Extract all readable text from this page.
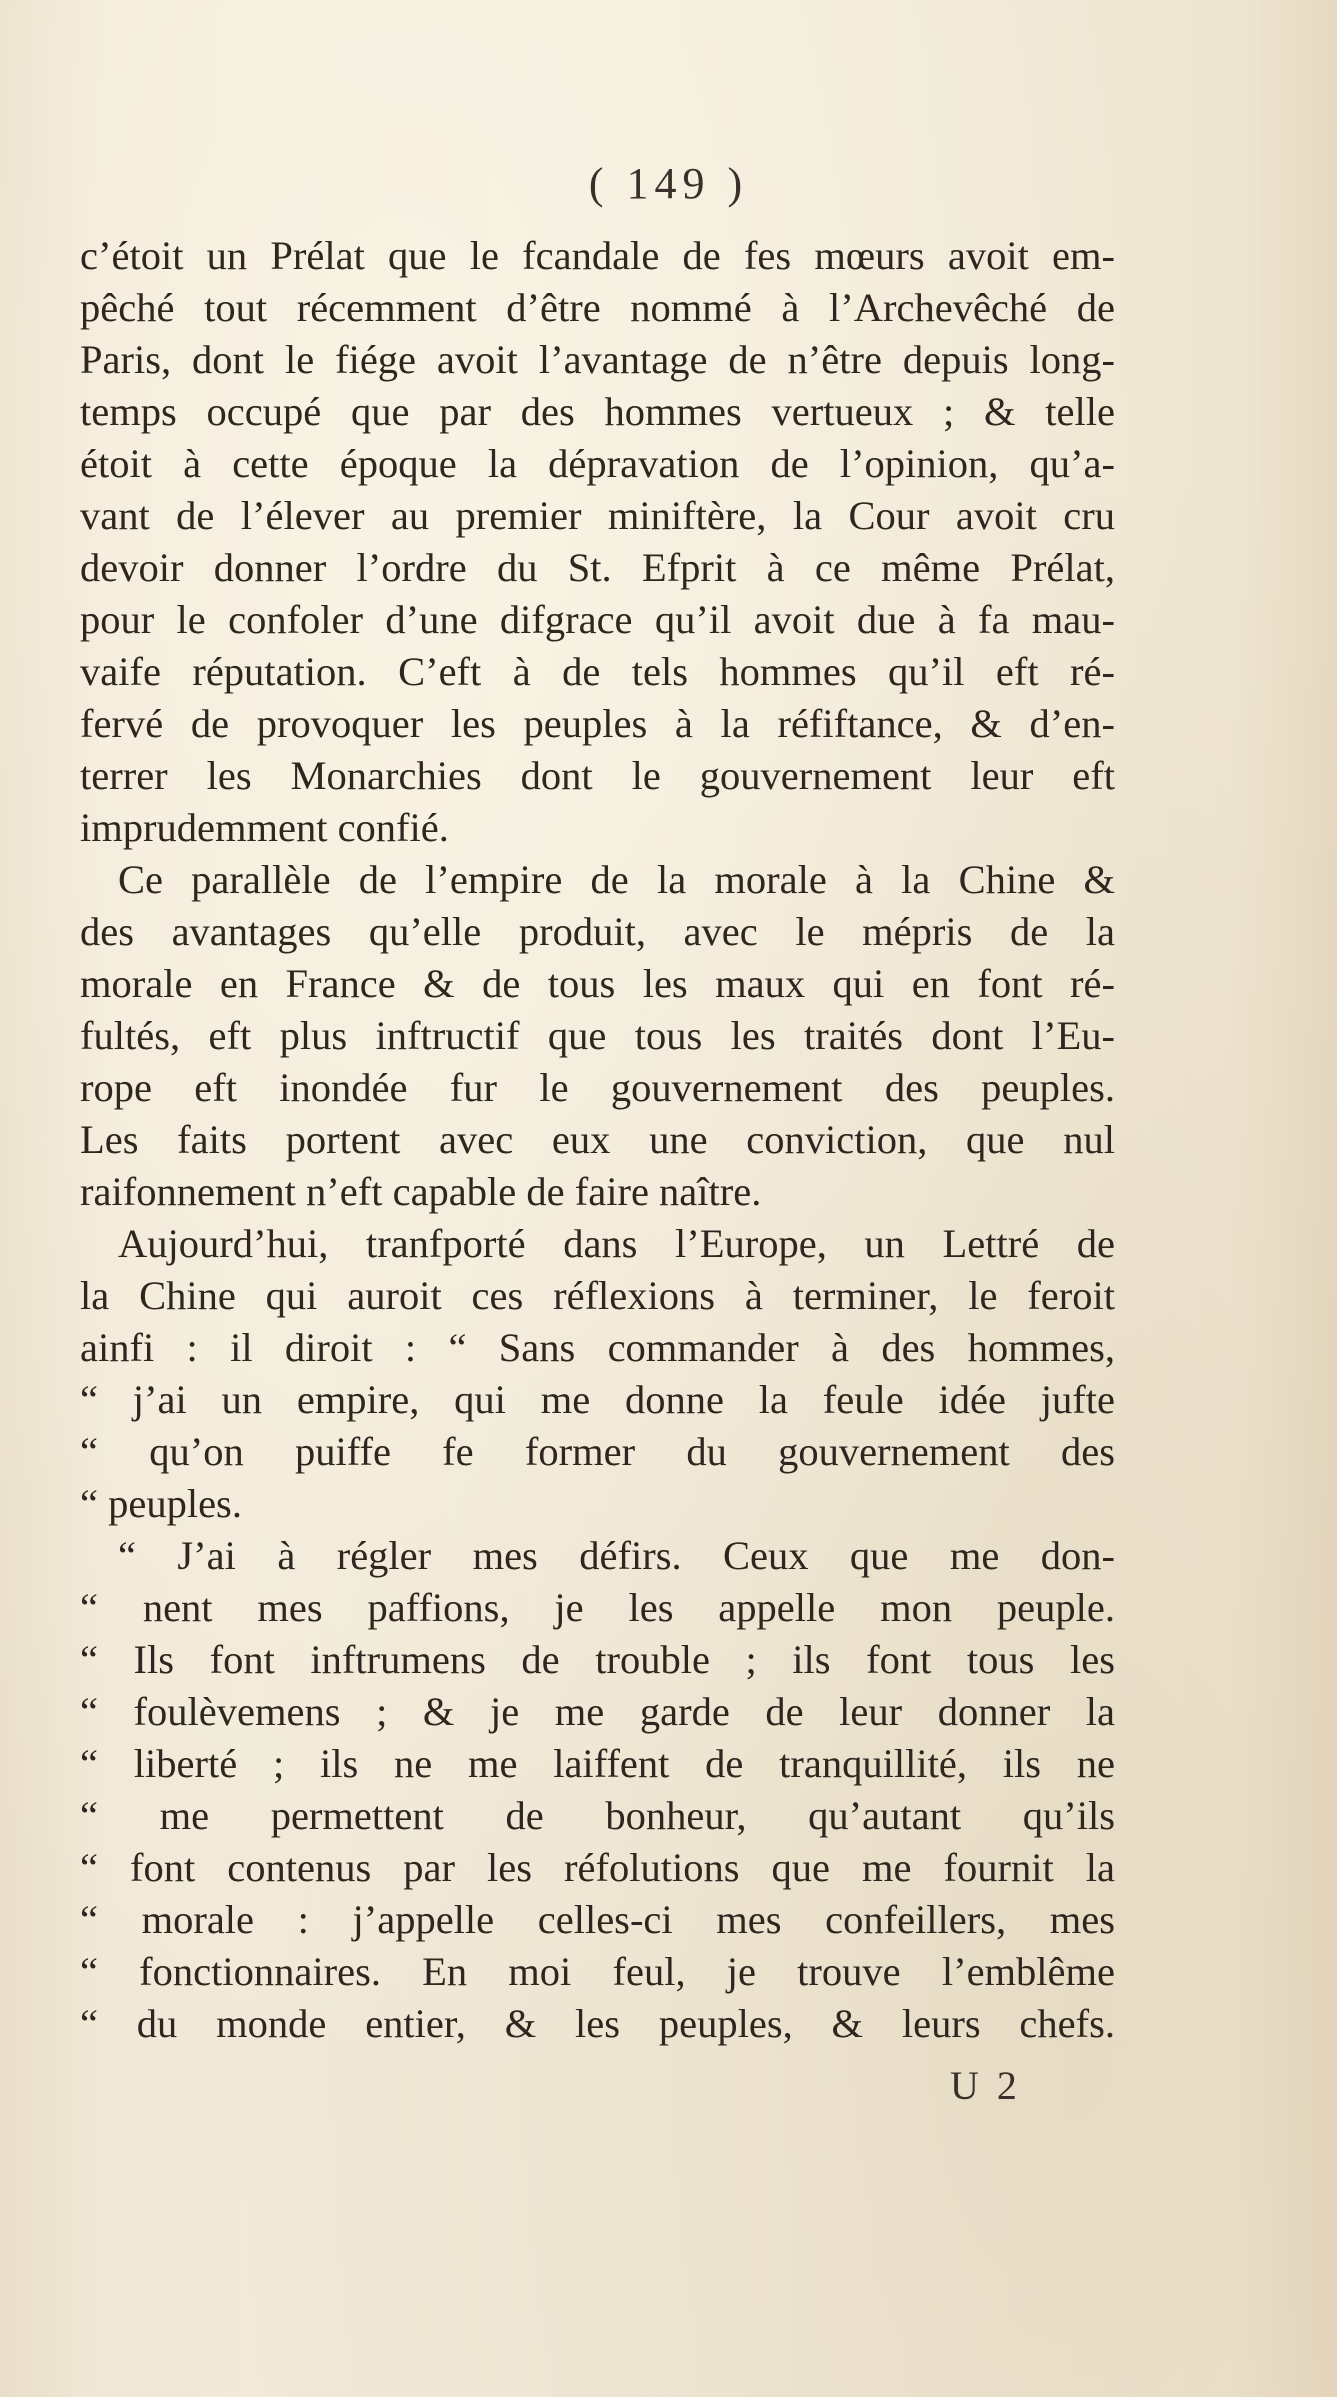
( 149 )
c’étoit un Prélat que le fcandale de fes mœurs avoit em-
pêché tout récemment d’être nommé à l’Archevêché de
Paris, dont le fiége avoit l’avantage de n’être depuis long-
temps occupé que par des hommes vertueux ; & telle
étoit à cette époque la dépravation de l’opinion, qu’a-
vant de l’élever au premier miniftère, la Cour avoit cru
devoir donner l’ordre du St. Efprit à ce même Prélat,
pour le confoler d’une difgrace qu’il avoit due à fa mau-
vaife réputation. C’eft à de tels hommes qu’il eft ré-
fervé de provoquer les peuples à la réfiftance, & d’en-
terrer les Monarchies dont le gouvernement leur eft
imprudemment confié.
Ce parallèle de l’empire de la morale à la Chine &
des avantages qu’elle produit, avec le mépris de la
morale en France & de tous les maux qui en font ré-
fultés, eft plus inftructif que tous les traités dont l’Eu-
rope eft inondée fur le gouvernement des peuples.
Les faits portent avec eux une conviction, que nul
raifonnement n’eft capable de faire naître.
Aujourd’hui, tranfporté dans l’Europe, un Lettré de
la Chine qui auroit ces réflexions à terminer, le feroit
ainfi : il diroit : “ Sans commander à des hommes,
“ j’ai un empire, qui me donne la feule idée jufte
“ qu’on puiffe fe former du gouvernement des
“ peuples.
“ J’ai à régler mes défirs. Ceux que me don-
“ nent mes paffions, je les appelle mon peuple.
“ Ils font inftrumens de trouble ; ils font tous les
“ foulèvemens ; & je me garde de leur donner la
“ liberté ; ils ne me laiffent de tranquillité, ils ne
“ me permettent de bonheur, qu’autant qu’ils
“ font contenus par les réfolutions que me fournit la
“ morale : j’appelle celles-ci mes confeillers, mes
“ fonctionnaires. En moi feul, je trouve l’emblême
“ du monde entier, & les peuples, & leurs chefs.
U 2
